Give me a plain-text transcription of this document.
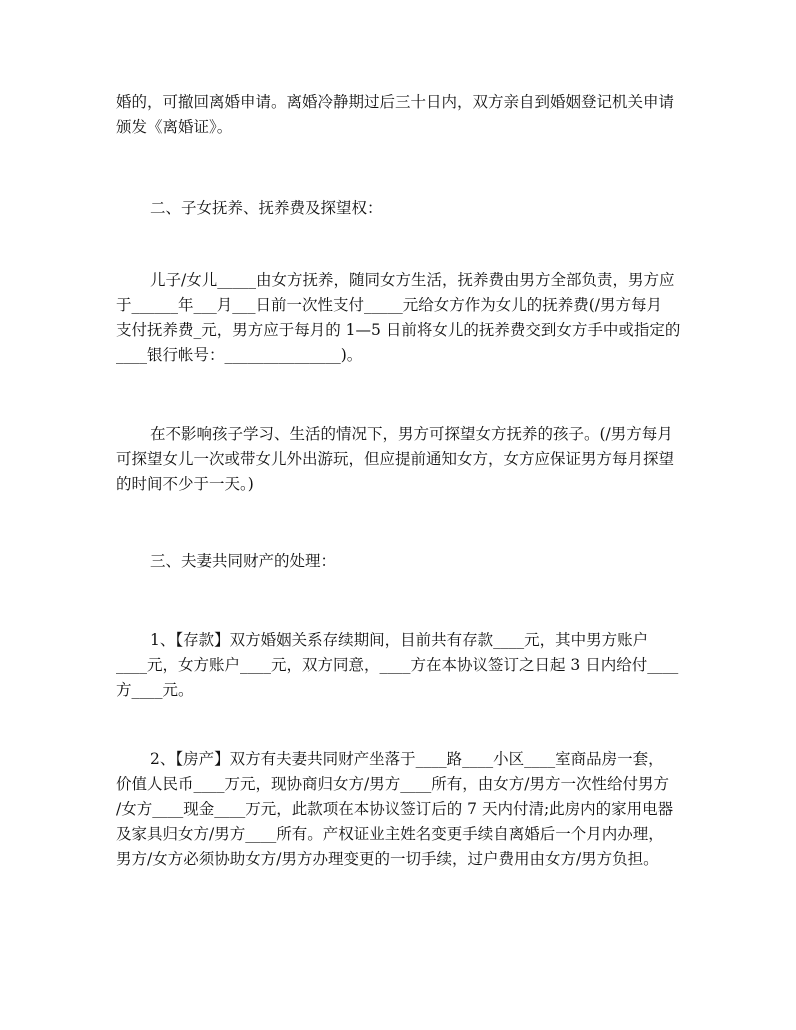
婚的，可撤回离婚申请。离婚冷静期过后三十日内，双方亲自到婚姻登记机关申请
颁发《离婚证》。
二、子女抚养、抚养费及探望权：
儿子/女儿_____由女方抚养，随同女方生活，抚养费由男方全部负责，男方应
于______年___月___日前一次性支付_____元给女方作为女儿的抚养费(/男方每月
支付抚养费_元，男方应于每月的 1—5 日前将女儿的抚养费交到女方手中或指定的
____银行帐号：_______________)。
在不影响孩子学习、生活的情况下，男方可探望女方抚养的孩子。(/男方每月
可探望女儿一次或带女儿外出游玩，但应提前通知女方，女方应保证男方每月探望
的时间不少于一天。)
三、夫妻共同财产的处理：
1、【存款】双方婚姻关系存续期间，目前共有存款____元，其中男方账户
____元，女方账户____元，双方同意，____方在本协议签订之日起 3 日内给付____
方____元。
2、【房产】双方有夫妻共同财产坐落于____路____小区____室商品房一套，
价值人民币____万元，现协商归女方/男方____所有，由女方/男方一次性给付男方
/女方____现金____万元，此款项在本协议签订后的 7 天内付清;此房内的家用电器
及家具归女方/男方____所有。产权证业主姓名变更手续自离婚后一个月内办理，
男方/女方必须协助女方/男方办理变更的一切手续，过户费用由女方/男方负担。
